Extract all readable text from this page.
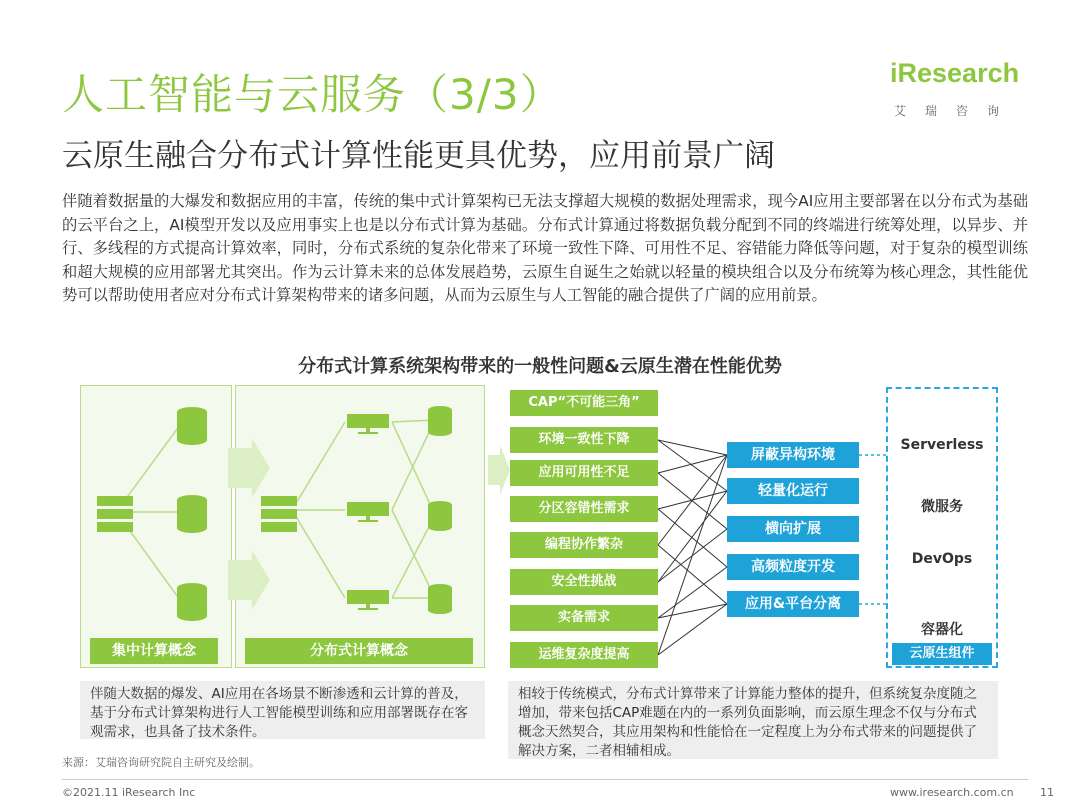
人工智能与云服务（3/3）
云原生融合分布式计算性能更具优势，应用前景广阔
iResearch
艾瑞咨询
伴随着数据量的大爆发和数据应用的丰富，传统的集中式计算架构已无法支撑超大规模的数据处理需求，现今AI应用主要部署在以分布式为基础的云平台之上，AI模型开发以及应用事实上也是以分布式计算为基础。分布式计算通过将数据负载分配到不同的终端进行统筹处理，以异步、并行、多线程的方式提高计算效率，同时，分布式系统的复杂化带来了环境一致性下降、可用性不足、容错能力降低等问题，对于复杂的模型训练和超大规模的应用部署尤其突出。作为云计算未来的总体发展趋势，云原生自诞生之始就以轻量的模块组合以及分布统筹为核心理念，其性能优势可以帮助使用者应对分布式计算架构带来的诸多问题，从而为云原生与人工智能的融合提供了广阔的应用前景。
分布式计算系统架构带来的一般性问题&云原生潜在性能优势
集中计算概念	分布式计算概念
CAP“不可能三角”
环境一致性下降
应用可用性不足
分区容错性需求
编程协作繁杂
安全性挑战
实备需求
运维复杂度提高
屏蔽异构环境
轻量化运行
横向扩展
高频粒度开发
应用&平台分离
Serverless
微服务
DevOps
容器化
云原生组件
伴随大数据的爆发、AI应用在各场景不断渗透和云计算的普及，基于分布式计算架构进行人工智能模型训练和应用部署既存在客观需求，也具备了技术条件。
相较于传统模式，分布式计算带来了计算能力整体的提升，但系统复杂度随之增加，带来包括CAP难题在内的一系列负面影响，而云原生理念不仅与分布式概念天然契合，其应用架构和性能恰在一定程度上为分布式带来的问题提供了解决方案，二者相辅相成。
来源：艾瑞咨询研究院自主研究及绘制。
©2021.11 iResearch Inc	www.iresearch.com.cn 11
